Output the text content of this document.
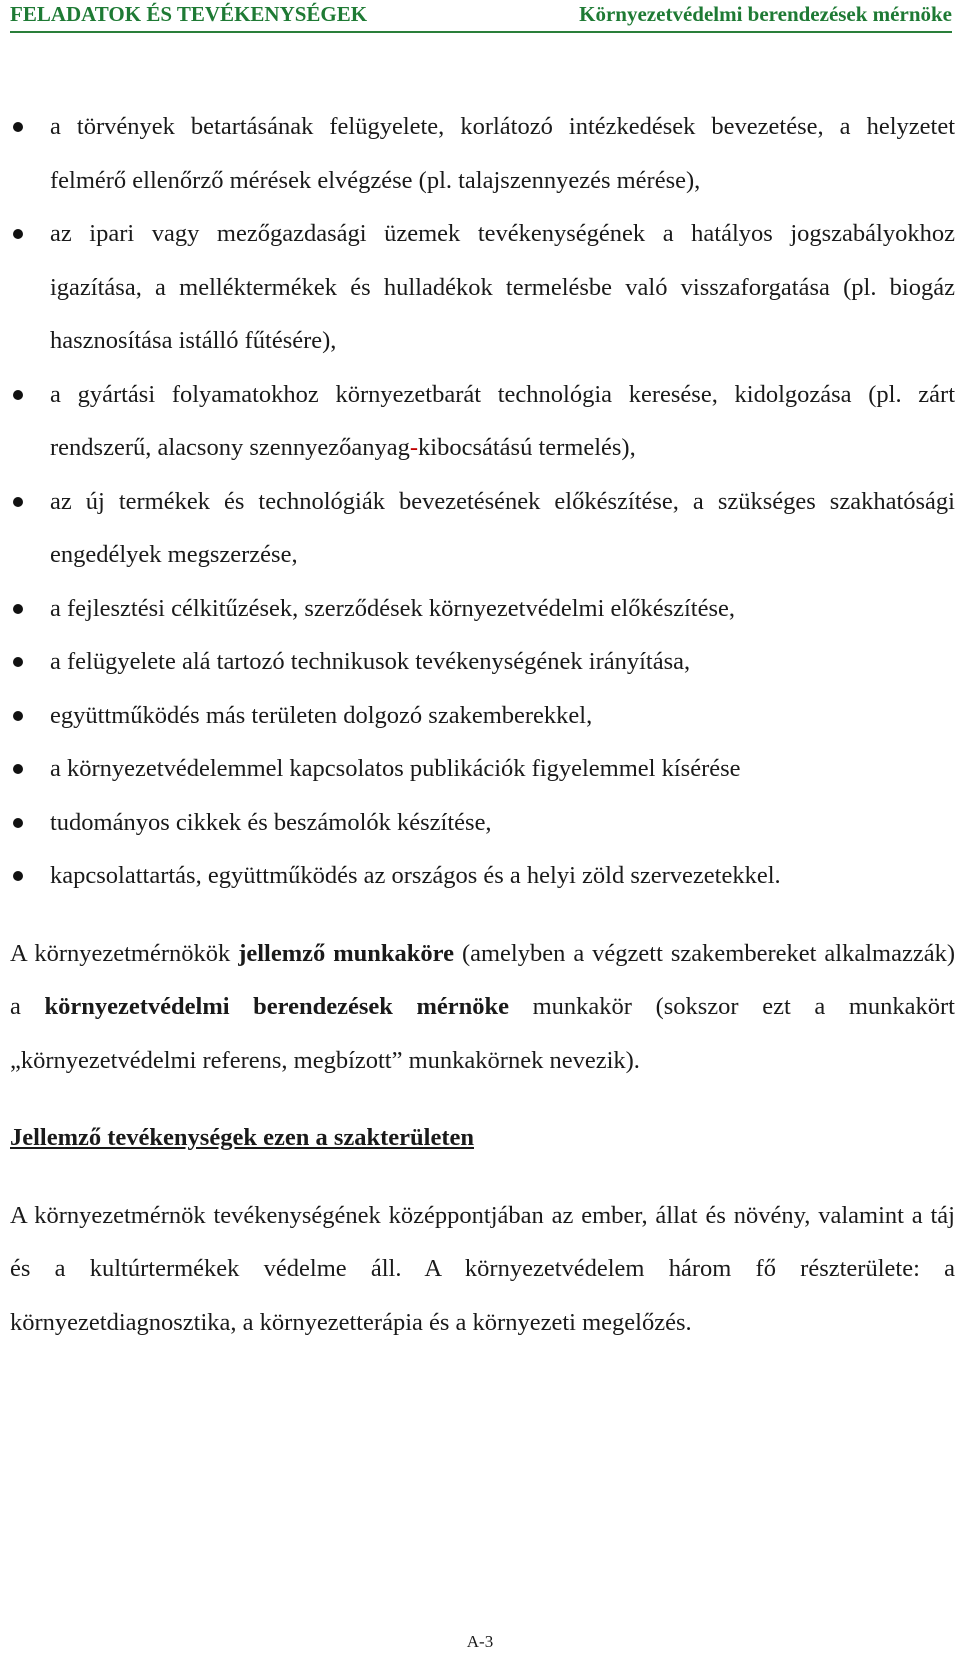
FELADATOK ÉS TEVÉKENYSÉGEK	Környezetvédelmi berendezések mérnöke
a törvények betartásának felügyelete, korlátozó intézkedések bevezetése, a helyzetet felmérő ellenőrző mérések elvégzése (pl. talajszennyezés mérése),
az ipari vagy mezőgazdasági üzemek tevékenységének a hatályos jogszabályokhoz igazítása, a melléktermékek és hulladékok termelésbe való visszaforgatása (pl. biogáz hasznosítása istálló fűtésére),
a gyártási folyamatokhoz környezetbarát technológia keresése, kidolgozása (pl. zárt rendszerű, alacsony szennyezőanyag-kibocsátású termelés),
az új termékek és technológiák bevezetésének előkészítése, a szükséges szakhatósági engedélyek megszerzése,
a fejlesztési célkitűzések, szerződések környezetvédelmi előkészítése,
a felügyelete alá tartozó technikusok tevékenységének irányítása,
együttműködés más területen dolgozó szakemberekkel,
a környezetvédelemmel kapcsolatos publikációk figyelemmel kísérése
tudományos cikkek és beszámolók készítése,
kapcsolattartás, együttműködés az országos és a helyi zöld szervezetekkel.

A környezetmérnökök jellemző munkaköre (amelyben a végzett szakembereket alkalmazzák) a környezetvédelmi berendezések mérnöke munkakör (sokszor ezt a munkakört „környezetvédelmi referens, megbízott” munkakörnek nevezik).

Jellemző tevékenységek ezen a szakterületen

A környezetmérnök tevékenységének középpontjában az ember, állat és növény, valamint a táj és a kultúrtermékek védelme áll. A környezetvédelem három fő részterülete: a környezetdiagnosztika, a környezetterápia és a környezeti megelőzés.

A-3
